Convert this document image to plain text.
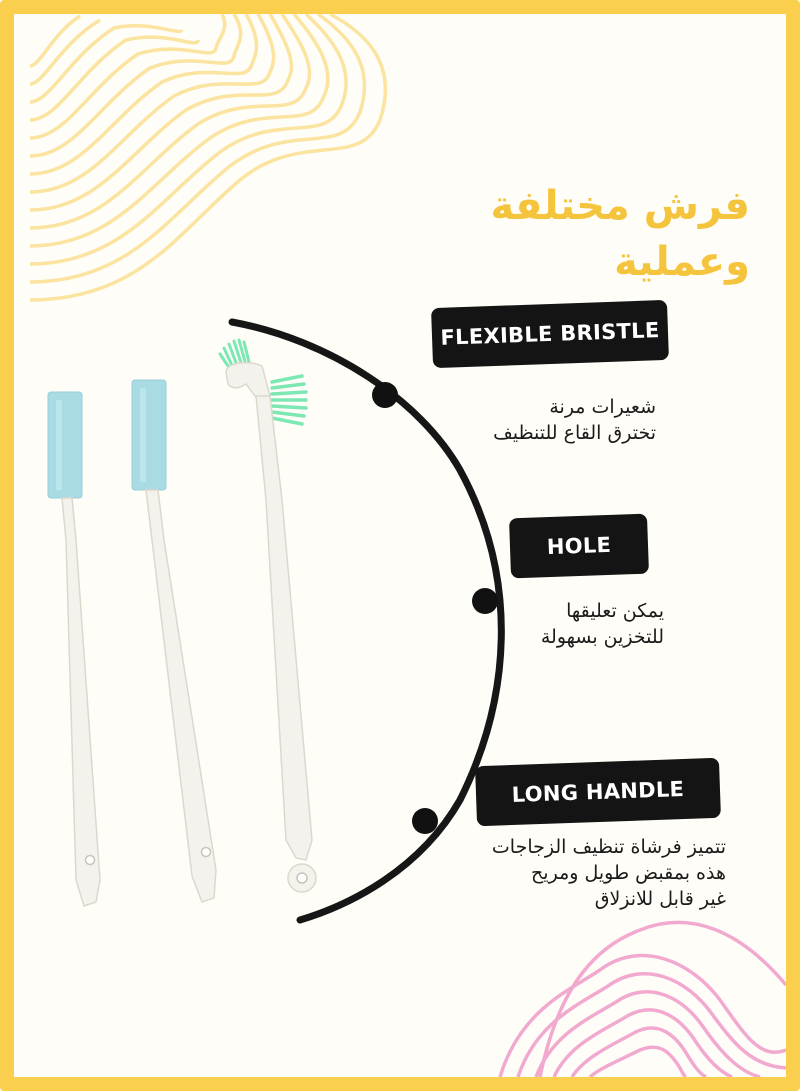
فرش مختلفة وعملية
FLEXIBLE BRISTLE
شعيرات مرنة
تخترق القاع للتنظيف
HOLE
يمكن تعليقها
للتخزين بسهولة
LONG HANDLE
تتميز فرشاة تنظيف الزجاجات
هذه بمقبض طويل ومريح
غير قابل للانزلاق
